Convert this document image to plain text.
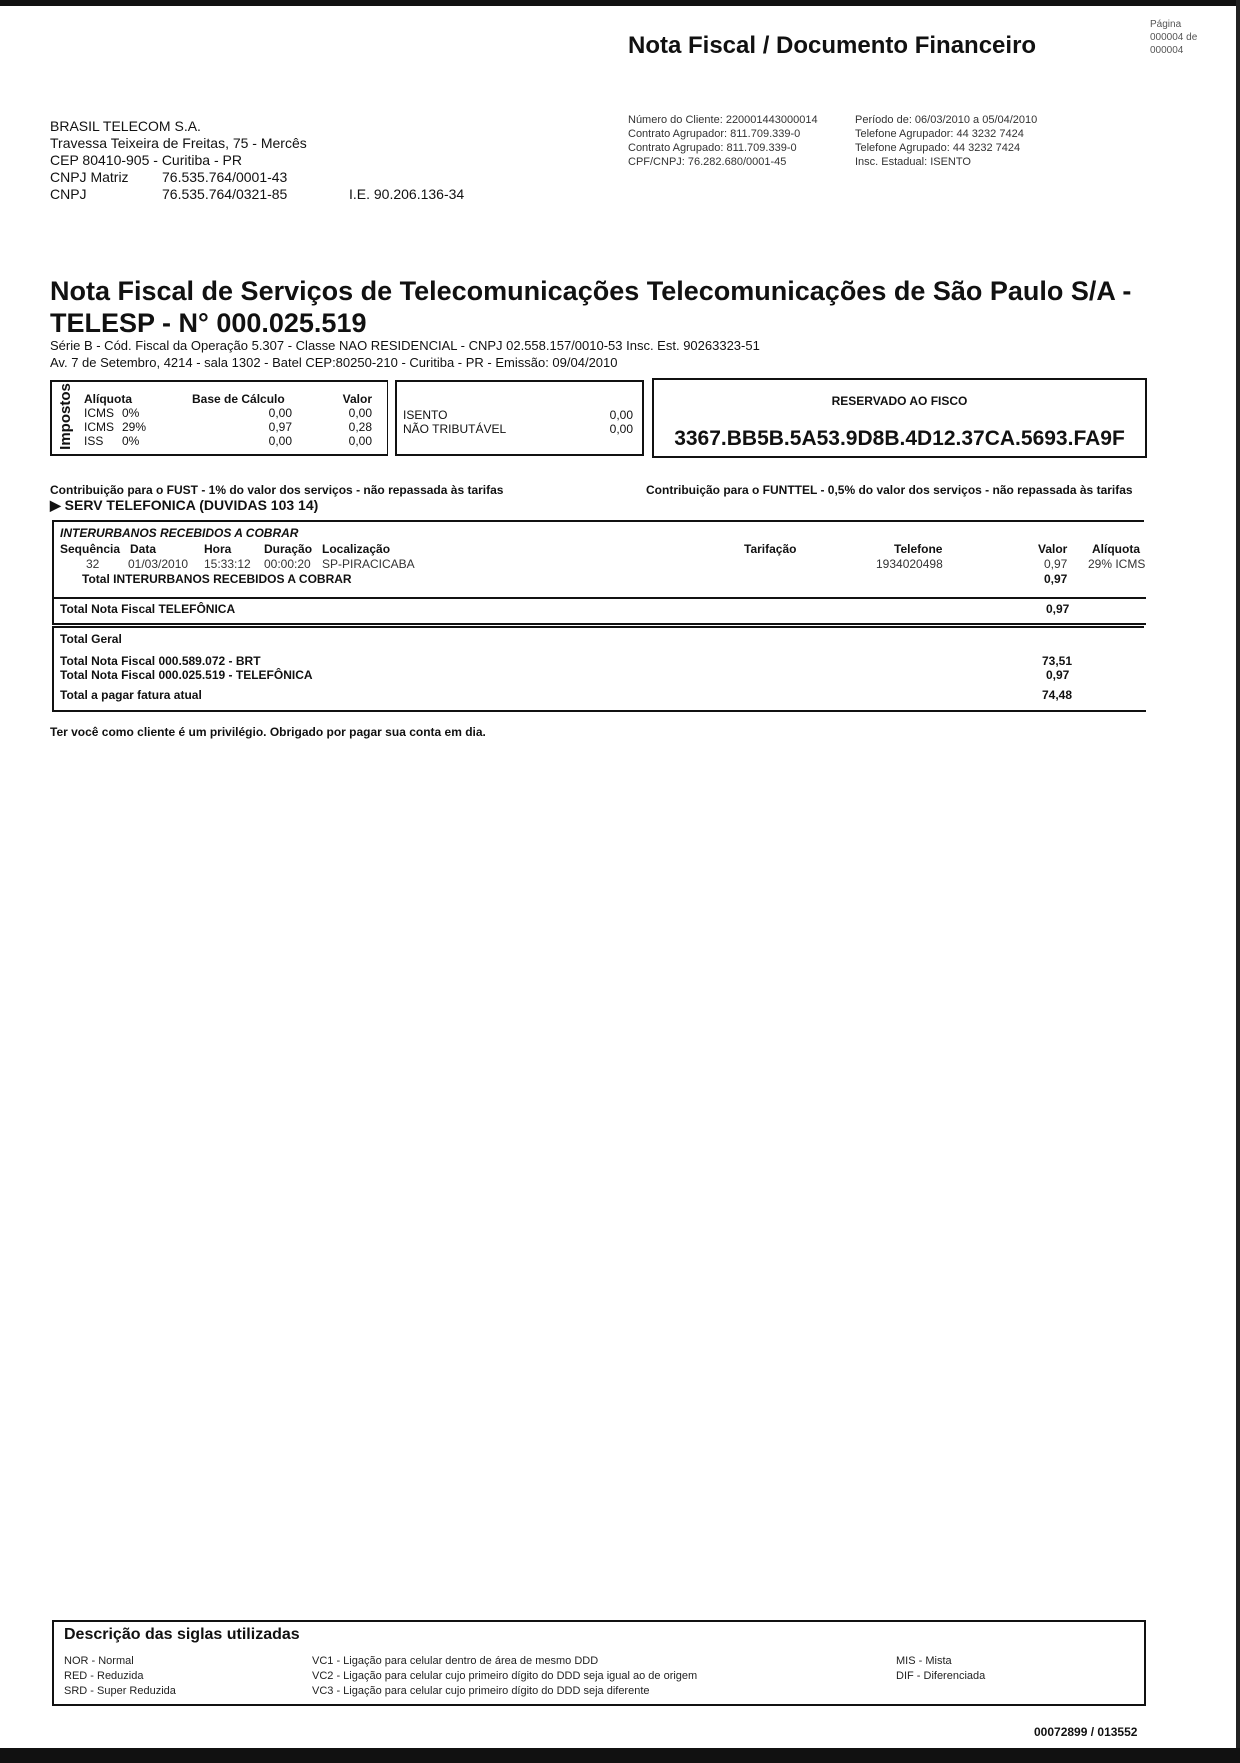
Nota Fiscal / Documento Financeiro
Página
000004 de
000004
BRASIL TELECOM S.A.
Travessa Teixeira de Freitas, 75 - Mercês
CEP 80410-905 - Curitiba - PR
CNPJ Matriz 76.535.764/0001-43
CNPJ	76.535.764/0321-85	I.E. 90.206.136-34
Número do Cliente: 220001443000014
Contrato Agrupador: 811.709.339-0
Contrato Agrupado: 811.709.339-0
CPF/CNPJ: 76.282.680/0001-45
Período de: 06/03/2010 a 05/04/2010
Telefone Agrupador: 44 3232 7424
Telefone Agrupado: 44 3232 7424
Insc. Estadual: ISENTO
Nota Fiscal de Serviços de Telecomunicações Telecomunicações de São Paulo S/A - TELESP - N° 000.025.519
Série B - Cód. Fiscal da Operação 5.307 - Classe NAO RESIDENCIAL - CNPJ 02.558.157/0010-53 Insc. Est. 90263323-51
Av. 7 de Setembro, 4214 - sala 1302 - Batel CEP:80250-210 - Curitiba - PR - Emissão: 09/04/2010
Impostos Alíquota	Base de Cálculo	Valor
ICMS 0%	0,00	0,00
ICMS 29%	0,97	0,28
ISS 0%	0,00	0,00
ISENTO	0,00
NÃO TRIBUTÁVEL	0,00
RESERVADO AO FISCO
3367.BB5B.5A53.9D8B.4D12.37CA.5693.FA9F
Contribuição para o FUST - 1% do valor dos serviços - não repassada às tarifas	Contribuição para o FUNTTEL - 0,5% do valor dos serviços - não repassada às tarifas
▶ SERV TELEFONICA (DUVIDAS 103 14)
INTERURBANOS RECEBIDOS A COBRAR
Sequência Data	Hora	Duração Localização	Tarifação	Telefone	Valor Alíquota
32 01/03/2010 15:33:12 00:00:20 SP-PIRACICABA	1934020498	0,97 29% ICMS
Total INTERURBANOS RECEBIDOS A COBRAR	0,97
Total Nota Fiscal TELEFÔNICA	0,97
Total Geral
Total Nota Fiscal 000.589.072 - BRT	73,51
Total Nota Fiscal 000.025.519 - TELEFÔNICA	0,97
Total a pagar fatura atual	74,48
Ter você como cliente é um privilégio. Obrigado por pagar sua conta em dia.
Descrição das siglas utilizadas
NOR - Normal
RED - Reduzida
SRD - Super Reduzida
VC1 - Ligação para celular dentro de área de mesmo DDD
VC2 - Ligação para celular cujo primeiro dígito do DDD seja igual ao de origem
VC3 - Ligação para celular cujo primeiro dígito do DDD seja diferente
MIS - Mista
DIF - Diferenciada
00072899 / 013552
